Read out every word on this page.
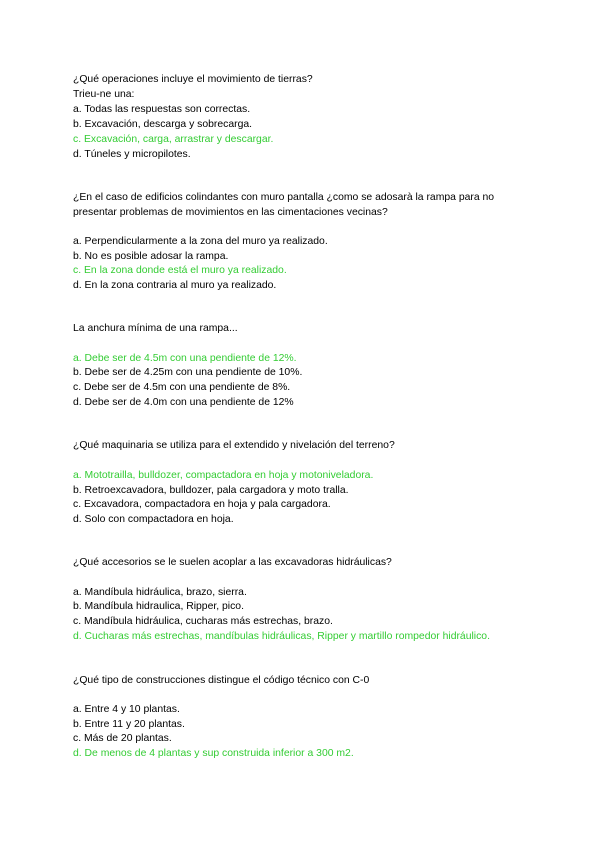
¿Qué operaciones incluye el movimiento de tierras?
Trieu-ne una:
a. Todas las respuestas son correctas.
b. Excavación, descarga y sobrecarga.
c. Excavación, carga, arrastrar y descargar.
d. Túneles y micropilotes.
¿En el caso de edificios colindantes con muro pantalla ¿como se adosarà la rampa para no
presentar problemas de movimientos en las cimentaciones vecinas?
a. Perpendicularmente a la zona del muro ya realizado.
b. No es posible adosar la rampa.
c. En la zona donde está el muro ya realizado.
d. En la zona contraria al muro ya realizado.
La anchura mínima de una rampa...
a. Debe ser de 4.5m con una pendiente de 12%.
b. Debe ser de 4.25m con una pendiente de 10%.
c. Debe ser de 4.5m con una pendiente de 8%.
d. Debe ser de 4.0m con una pendiente de 12%
¿Qué maquinaria se utiliza para el extendido y nivelación del terreno?
a. Mototrailla, bulldozer, compactadora en hoja y motoniveladora.
b. Retroexcavadora, bulldozer, pala cargadora y moto tralla.
c. Excavadora, compactadora en hoja y pala cargadora.
d. Solo con compactadora en hoja.
¿Qué accesorios se le suelen acoplar a las excavadoras hidráulicas?
a. Mandíbula hidráulica, brazo, sierra.
b. Mandíbula hidraulica, Ripper, pico.
c. Mandíbula hidráulica, cucharas más estrechas, brazo.
d. Cucharas más estrechas, mandíbulas hidráulicas, Ripper y martillo rompedor hidráulico.
¿Qué tipo de construcciones distingue el código técnico con C-0
a. Entre 4 y 10 plantas.
b. Entre 11 y 20 plantas.
c. Más de 20 plantas.
d. De menos de 4 plantas y sup construida inferior a 300 m2.
